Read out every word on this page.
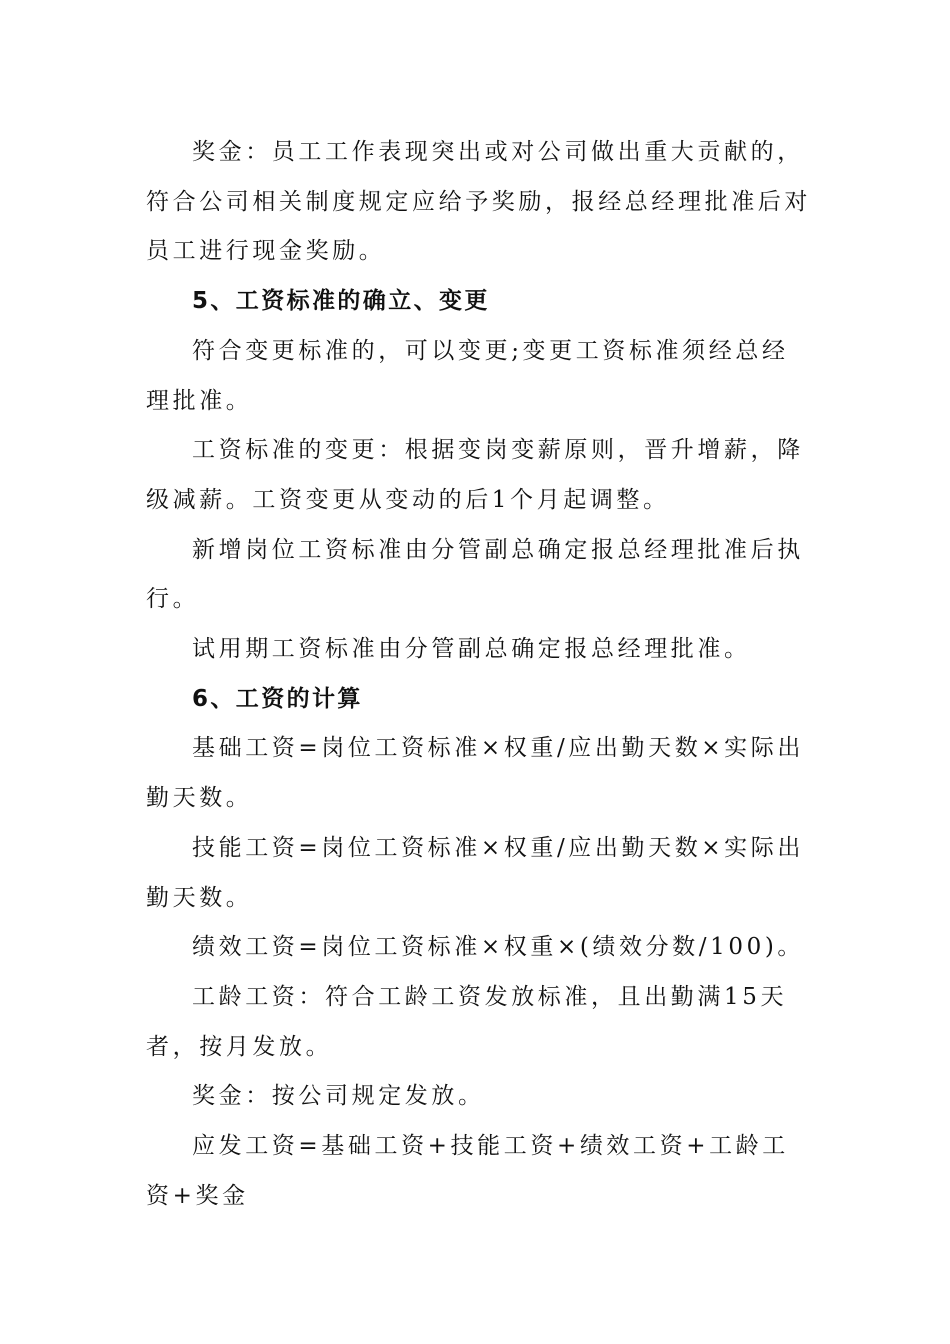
奖金：员工工作表现突出或对公司做出重大贡献的，符合公司相关制度规定应给予奖励，报经总经理批准后对员工进行现金奖励。

5、工资标准的确立、变更

符合变更标准的，可以变更;变更工资标准须经总经理批准。

工资标准的变更：根据变岗变薪原则，晋升增薪，降级减薪。工资变更从变动的后1个月起调整。

新增岗位工资标准由分管副总确定报总经理批准后执行。

试用期工资标准由分管副总确定报总经理批准。

6、工资的计算

基础工资=岗位工资标准×权重/应出勤天数×实际出勤天数。

技能工资=岗位工资标准×权重/应出勤天数×实际出勤天数。

绩效工资=岗位工资标准×权重×(绩效分数/100)。

工龄工资：符合工龄工资发放标准，且出勤满15天者，按月发放。

奖金：按公司规定发放。

应发工资=基础工资+技能工资+绩效工资+工龄工资+奖金
